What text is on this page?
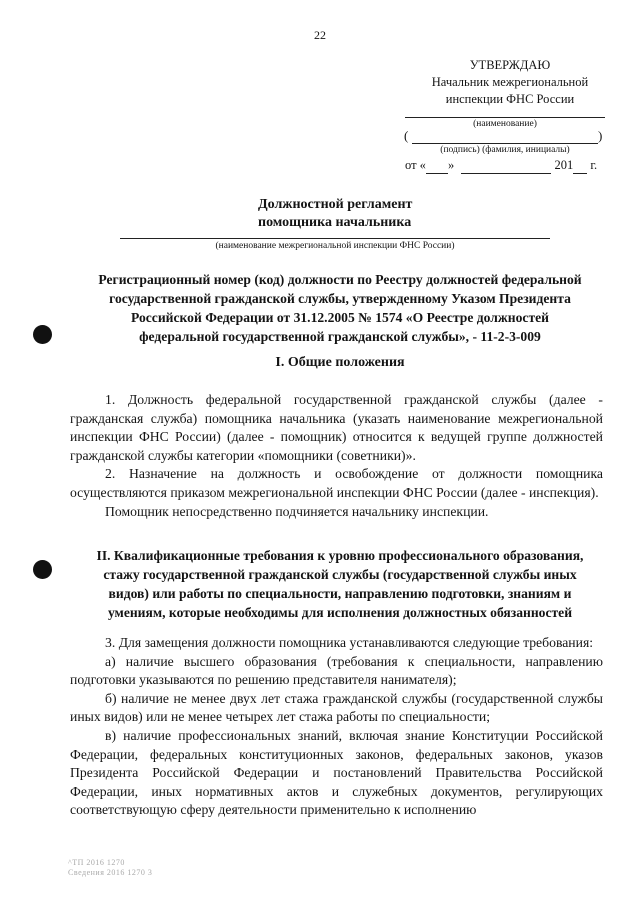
22
УТВЕРЖДАЮ
Начальник межрегиональной
инспекции ФНС России
(наименование)
(	)
(подпись) (фамилия, инициалы)
от « »	201 г.
Должностной регламент
помощника начальника
(наименование межрегиональной инспекции ФНС России)
Регистрационный номер (код) должности по Реестру должностей федеральной
государственной гражданской службы, утвержденному Указом Президента
Российской Федерации от 31.12.2005 № 1574 «О Реестре должностей
федеральной государственной гражданской службы», - 11-2-3-009
I. Общие положения

1. Должность федеральной государственной гражданской службы (далее - гражданская служба) помощника начальника (указать наименование межрегиональной инспекции ФНС России) (далее - помощник) относится к ведущей группе должностей гражданской службы категории «помощники (советники)».

2. Назначение на должность и освобождение от должности помощника осуществляются приказом межрегиональной инспекции ФНС России (далее - инспекция).

Помощник непосредственно подчиняется начальнику инспекции.

II. Квалификационные требования к уровню профессионального образования,
стажу государственной гражданской службы (государственной службы иных
видов) или работы по специальности, направлению подготовки, знаниям и
умениям, которые необходимы для исполнения должностных обязанностей

3. Для замещения должности помощника устанавливаются следующие требования:

а) наличие высшего образования (требования к специальности, направлению подготовки указываются по решению представителя нанимателя);

б) наличие не менее двух лет стажа гражданской службы (государственной службы иных видов) или не менее четырех лет стажа работы по специальности;

в) наличие профессиональных знаний, включая знание Конституции Российской Федерации, федеральных конституционных законов, федеральных законов, указов Президента Российской Федерации и постановлений Правительства Российской Федерации, иных нормативных актов и служебных документов, регулирующих соответствующую сферу деятельности применительно к исполнению

^ТП 2016 1270
Сведения 2016 1270 3
